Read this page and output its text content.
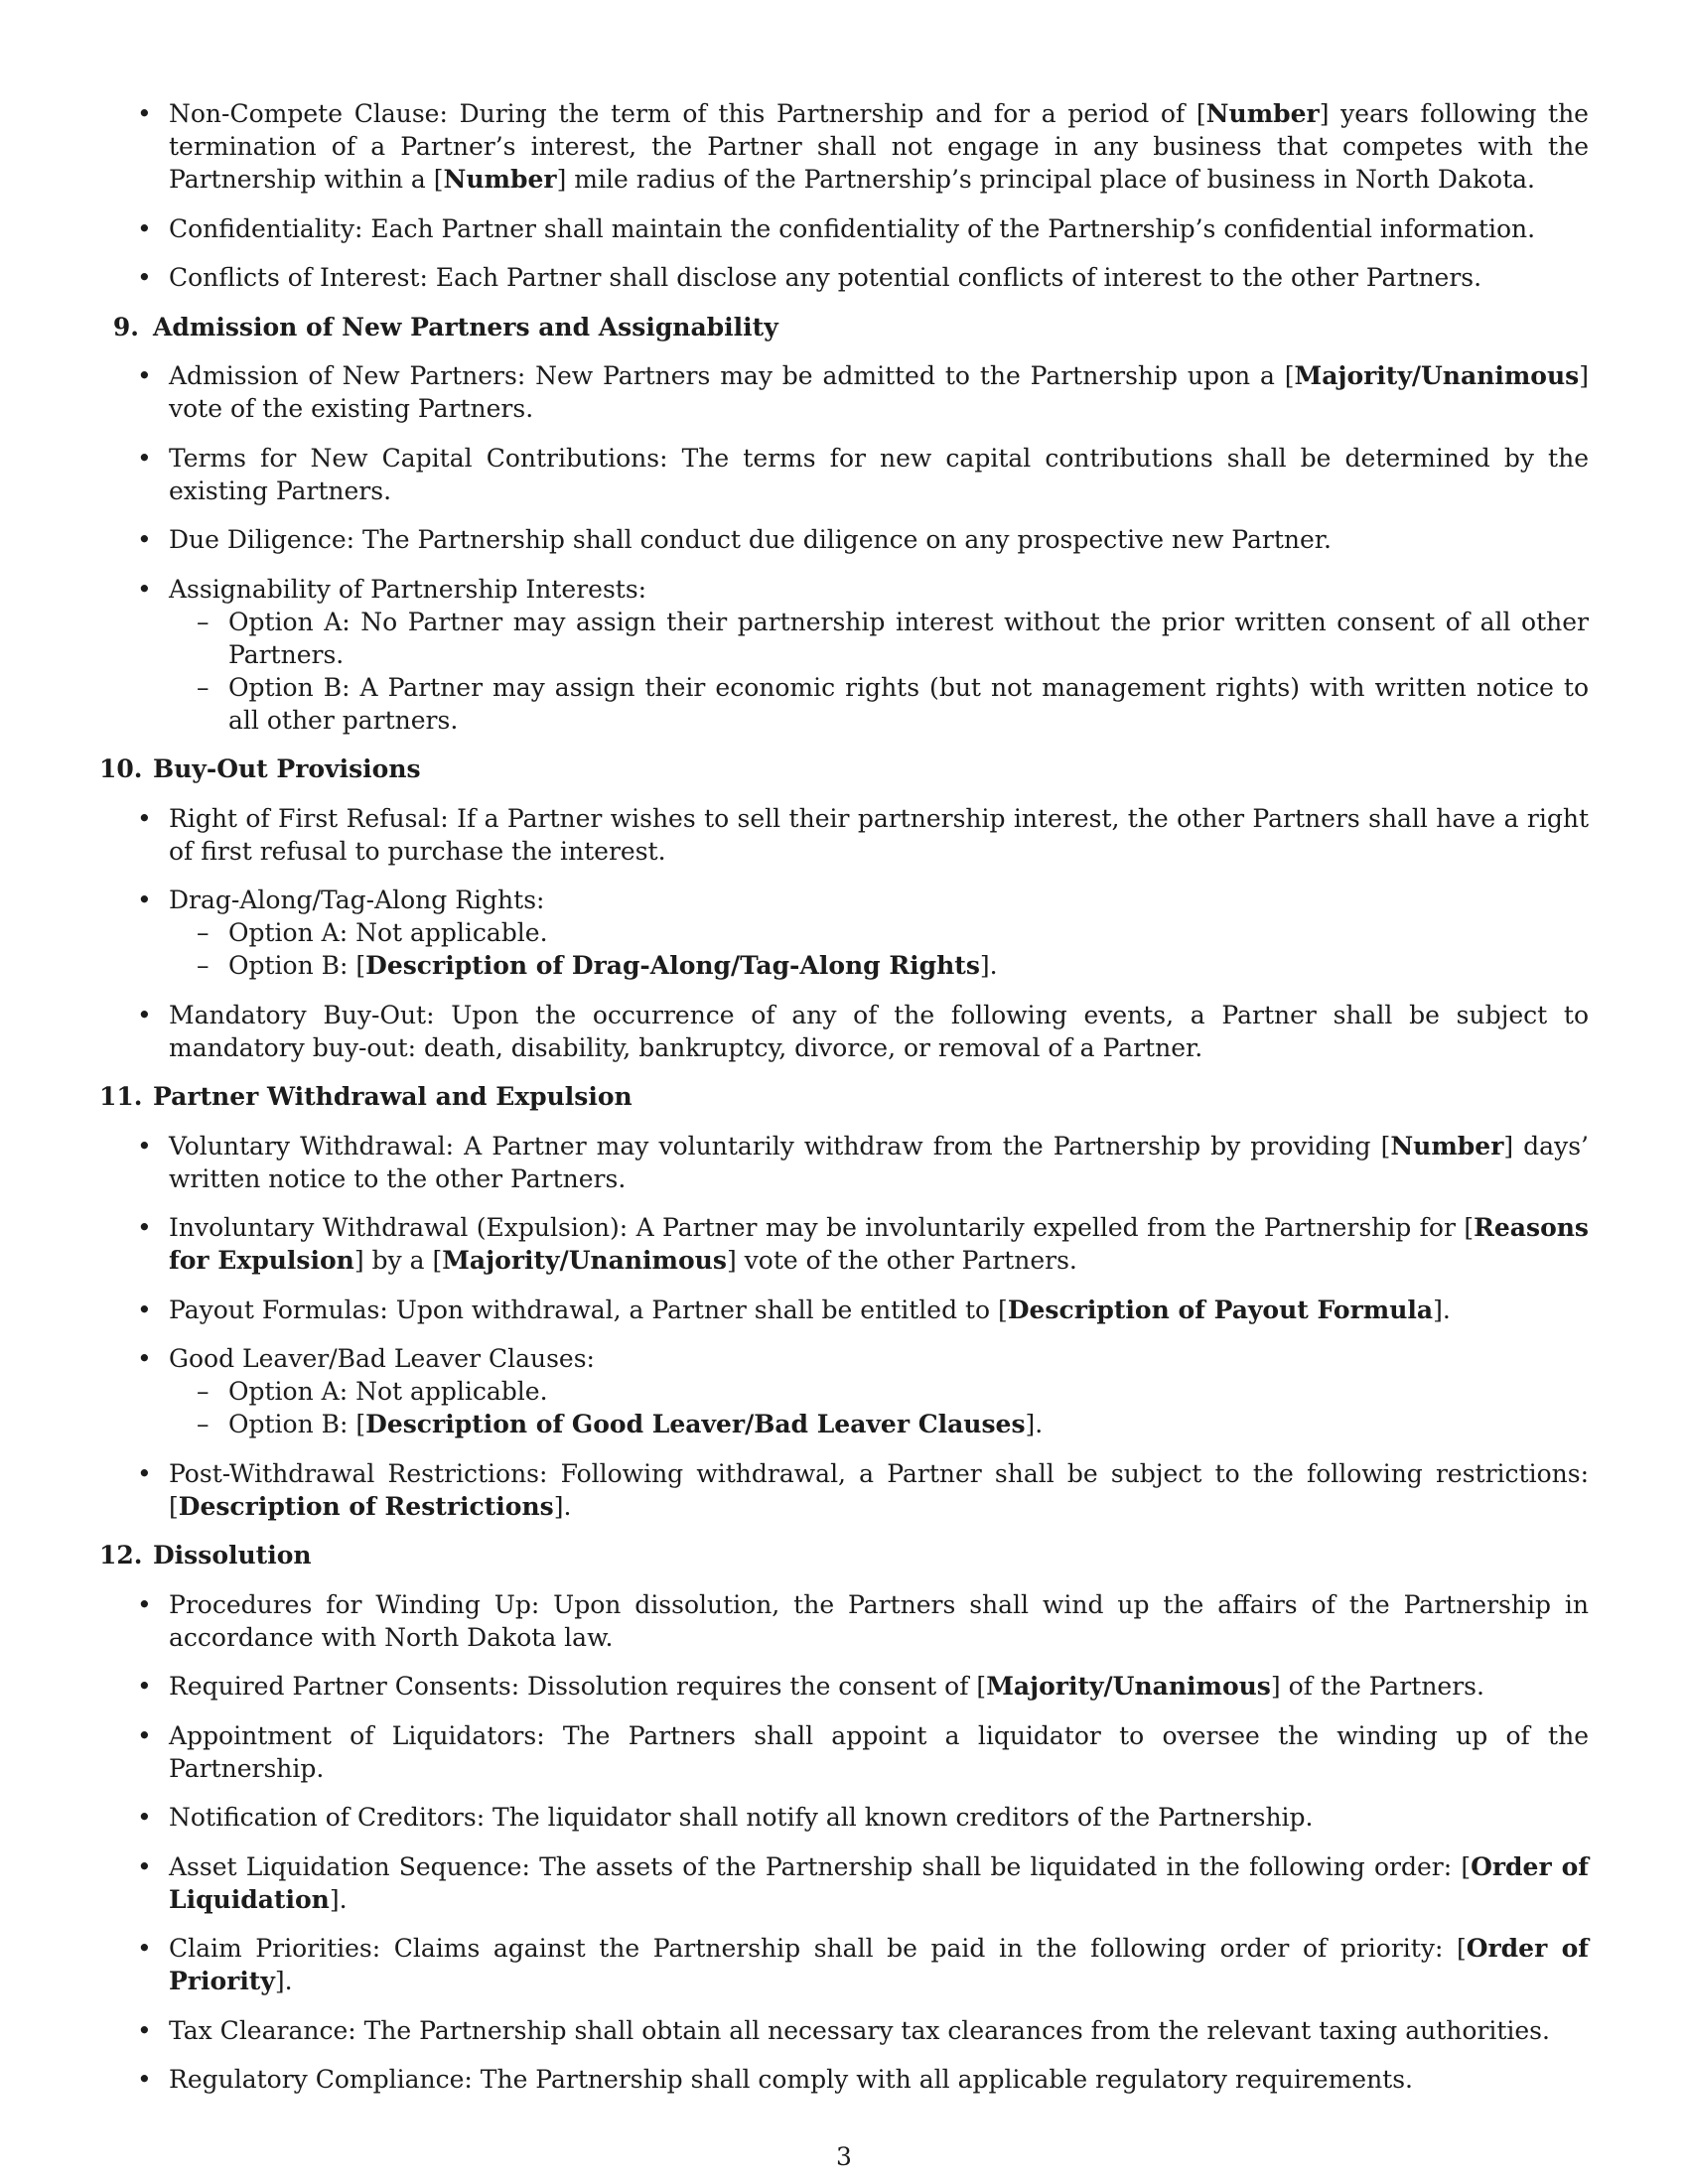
• Non-Compete Clause: During the term of this Partnership and for a period of [Number] years following the termination of a Partner’s interest, the Partner shall not engage in any business that competes with the Partnership within a [Number] mile radius of the Partnership’s principal place of business in North Dakota.
• Confidentiality: Each Partner shall maintain the confidentiality of the Partnership’s confidential information.
• Conflicts of Interest: Each Partner shall disclose any potential conflicts of interest to the other Partners.
9. Admission of New Partners and Assignability
• Admission of New Partners: New Partners may be admitted to the Partnership upon a [Majority/Unanimous] vote of the existing Partners.
• Terms for New Capital Contributions: The terms for new capital contributions shall be determined by the existing Partners.
• Due Diligence: The Partnership shall conduct due diligence on any prospective new Partner.
• Assignability of Partnership Interests:
– Option A: No Partner may assign their partnership interest without the prior written consent of all other Partners.
– Option B: A Partner may assign their economic rights (but not management rights) with written notice to all other partners.
10. Buy-Out Provisions
• Right of First Refusal: If a Partner wishes to sell their partnership interest, the other Partners shall have a right of first refusal to purchase the interest.
• Drag-Along/Tag-Along Rights:
– Option A: Not applicable.
– Option B: [Description of Drag-Along/Tag-Along Rights].
• Mandatory Buy-Out: Upon the occurrence of any of the following events, a Partner shall be subject to mandatory buy-out: death, disability, bankruptcy, divorce, or removal of a Partner.
11. Partner Withdrawal and Expulsion
• Voluntary Withdrawal: A Partner may voluntarily withdraw from the Partnership by providing [Number] days’ written notice to the other Partners.
• Involuntary Withdrawal (Expulsion): A Partner may be involuntarily expelled from the Partnership for [Reasons for Expulsion] by a [Majority/Unanimous] vote of the other Partners.
• Payout Formulas: Upon withdrawal, a Partner shall be entitled to [Description of Payout Formula].
• Good Leaver/Bad Leaver Clauses:
– Option A: Not applicable.
– Option B: [Description of Good Leaver/Bad Leaver Clauses].
• Post-Withdrawal Restrictions: Following withdrawal, a Partner shall be subject to the following restrictions: [Description of Restrictions].
12. Dissolution
• Procedures for Winding Up: Upon dissolution, the Partners shall wind up the affairs of the Partnership in accordance with North Dakota law.
• Required Partner Consents: Dissolution requires the consent of [Majority/Unanimous] of the Partners.
• Appointment of Liquidators: The Partners shall appoint a liquidator to oversee the winding up of the Partnership.
• Notification of Creditors: The liquidator shall notify all known creditors of the Partnership.
• Asset Liquidation Sequence: The assets of the Partnership shall be liquidated in the following order: [Order of Liquidation].
• Claim Priorities: Claims against the Partnership shall be paid in the following order of priority: [Order of Priority].
• Tax Clearance: The Partnership shall obtain all necessary tax clearances from the relevant taxing authorities.
• Regulatory Compliance: The Partnership shall comply with all applicable regulatory requirements.
3
